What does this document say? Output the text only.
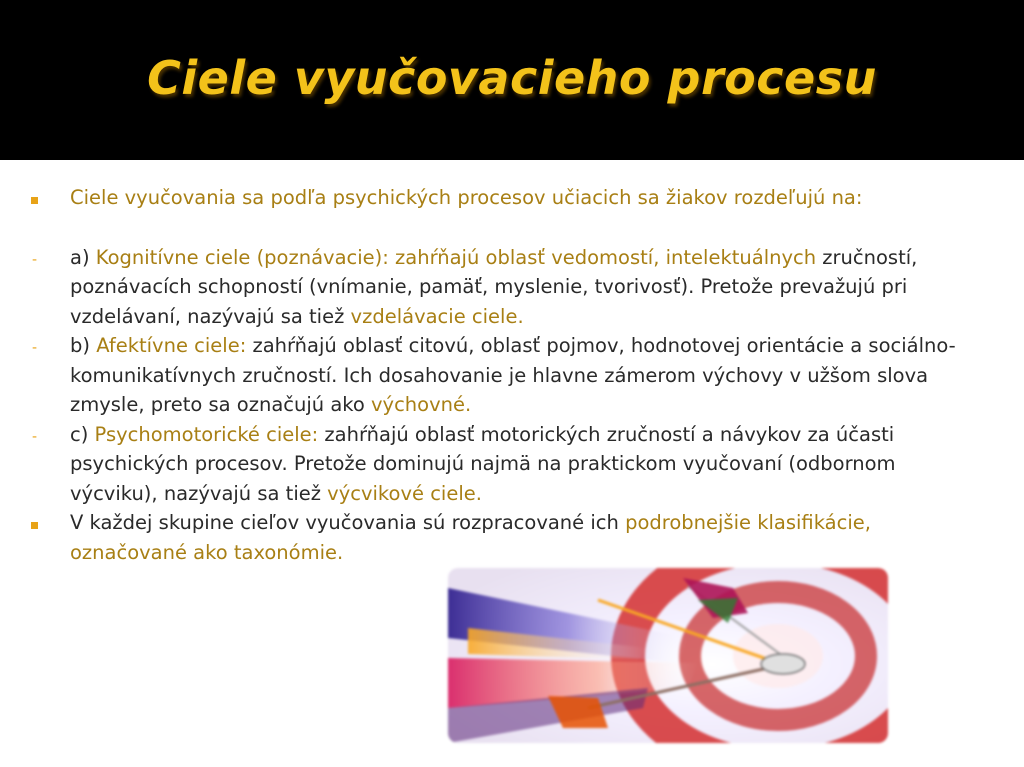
Ciele vyučovacieho procesu
Ciele vyučovania sa podľa psychických procesov učiacich sa žiakov rozdeľujú na:
-	a) Kognitívne ciele (poznávacie): zahŕňajú oblasť vedomostí, intelektuálnych zručností, poznávacích schopností (vnímanie, pamäť, myslenie, tvorivosť). Pretože prevažujú pri vzdelávaní, nazývajú sa tiež vzdelávacie ciele.
-	b) Afektívne ciele: zahŕňajú oblasť citovú, oblasť pojmov, hodnotovej orientácie a sociálno-komunikatívnych zručností. Ich dosahovanie je hlavne zámerom výchovy v užšom slova zmysle, preto sa označujú ako výchovné.
-	c) Psychomotorické ciele: zahŕňajú oblasť motorických zručností a návykov za účasti psychických procesov. Pretože dominujú najmä na praktickom vyučovaní (odbornom výcviku), nazývajú sa tiež výcvikové ciele.
V každej skupine cieľov vyučovania sú rozpracované ich podrobnejšie klasifikácie, označované ako taxonómie.
